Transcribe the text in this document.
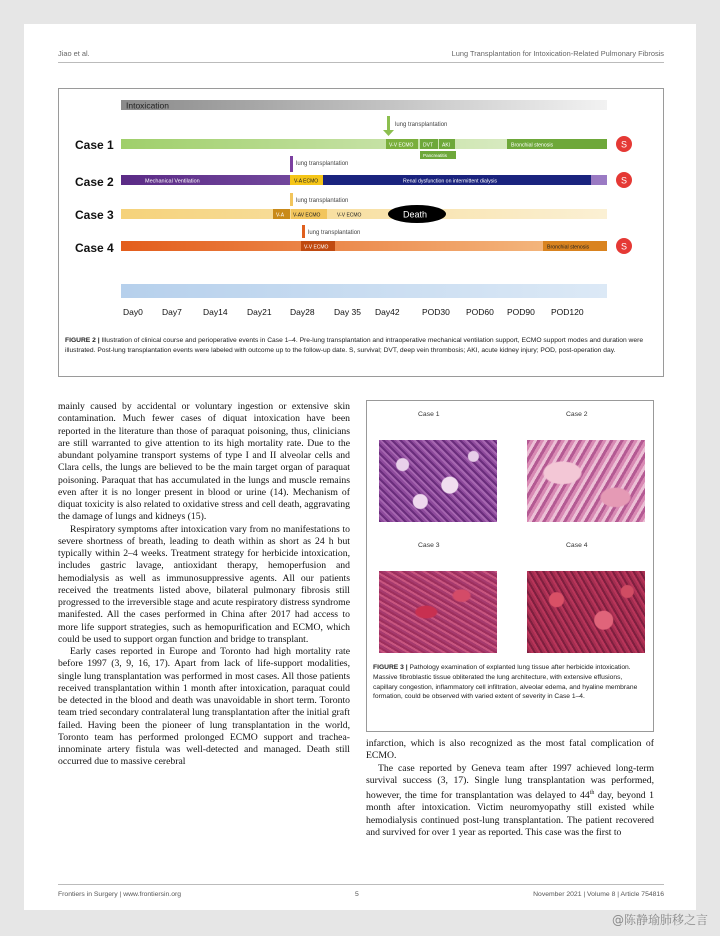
Jiao et al.	Lung Transplantation for Intoxication-Related Pulmonary Fibrosis
Intoxication
Case 1
Case 2
Case 3
Case 4
lung transplantation
V-V ECMO DVT AKI
Pancreatitis
Bronchial stenosis	S
lung transplantation
Mechanical Ventilation	V-A ECMO	Renal dysfunction on intermittent dialysis	S
lung transplantation
V-A V-AV ECMO	V-V ECMO	Death
lung transplantation
V-V ECMO	Bronchial stenosis	S
Day0 Day7 Day14 Day21 Day28 Day 35 Day42	POD30 POD60 POD90 POD120
FIGURE 2 | Illustration of clinical course and perioperative events in Case 1–4. Pre-lung transplantation and intraoperative mechanical ventilation support, ECMO support modes and duration were illustrated. Post-lung transplantation events were labeled with outcome up to the follow-up date. S, survival; DVT, deep vein thrombosis; AKI, acute kidney injury; POD, post-operation day.

mainly caused by accidental or voluntary ingestion or extensive skin contamination. Much fewer cases of diquat intoxication have been reported in the literature than those of paraquat poisoning, thus, clinicians are still warranted to give attention to its high mortality rate. Due to the abundant polyamine transport systems of type I and II alveolar cells and Clara cells, the lungs are believed to be the main target organ of paraquat poisoning. Paraquat that has accumulated in the lungs and muscle remains even after it is no longer present in blood or urine (14). Mechanism of diquat toxicity is also related to oxidative stress and cell death, aggravating the damage of lungs and kidneys (15).

Respiratory symptoms after intoxication vary from no manifestations to severe shortness of breath, leading to death within as short as 24 h but typically within 2–4 weeks. Treatment strategy for herbicide intoxication, includes gastric lavage, antioxidant therapy, hemoperfusion and hemodialysis as well as immunosuppressive agents. All our patients received the treatments listed above, bilateral pulmonary fibrosis still progressed to the irreversible stage and acute respiratory distress syndrome manifested. All the cases performed in China after 2017 had access to more life support strategies, such as hemopurification and ECMO, which could be used to support organ function and bridge to transplant.

Early cases reported in Europe and Toronto had high mortality rate before 1997 (3, 9, 16, 17). Apart from lack of life-support modalities, single lung transplantation was performed in most cases. All those patients received transplantation within 1 month after intoxication, paraquat could be detected in the blood and death was unavoidable in short term. Toronto team tried secondary contralateral lung transplantation after the initial graft failed. Having been the pioneer of lung transplantation in the world, Toronto team has performed prolonged ECMO support and trachea-innominate artery fistula was well-detected and managed. Death still occurred due to massive cerebral

Case 1	Case 2
Case 3	Case 4
FIGURE 3 | Pathology examination of explanted lung tissue after herbicide intoxication. Massive fibroblastic tissue obliterated the lung architecture, with extensive effusions, capillary congestion, inflammatory cell infiltration, alveolar edema, and hyaline membrane formation, could be observed with varied extent of severity in Case 1–4.

infarction, which is also recognized as the most fatal complication of ECMO.

The case reported by Geneva team after 1997 achieved long-term survival success (3, 17). Single lung transplantation was performed, however, the time for transplantation was delayed to 44th day, beyond 1 month after intoxication. Victim neuromyopathy still existed while hemodialysis continued post-lung transplantation. The patient recovered and survived for over 1 year as reported. This case was the first to

Frontiers in Surgery | www.frontiersin.org	5	November 2021 | Volume 8 | Article 754816
@陈静瑜肺移之言
